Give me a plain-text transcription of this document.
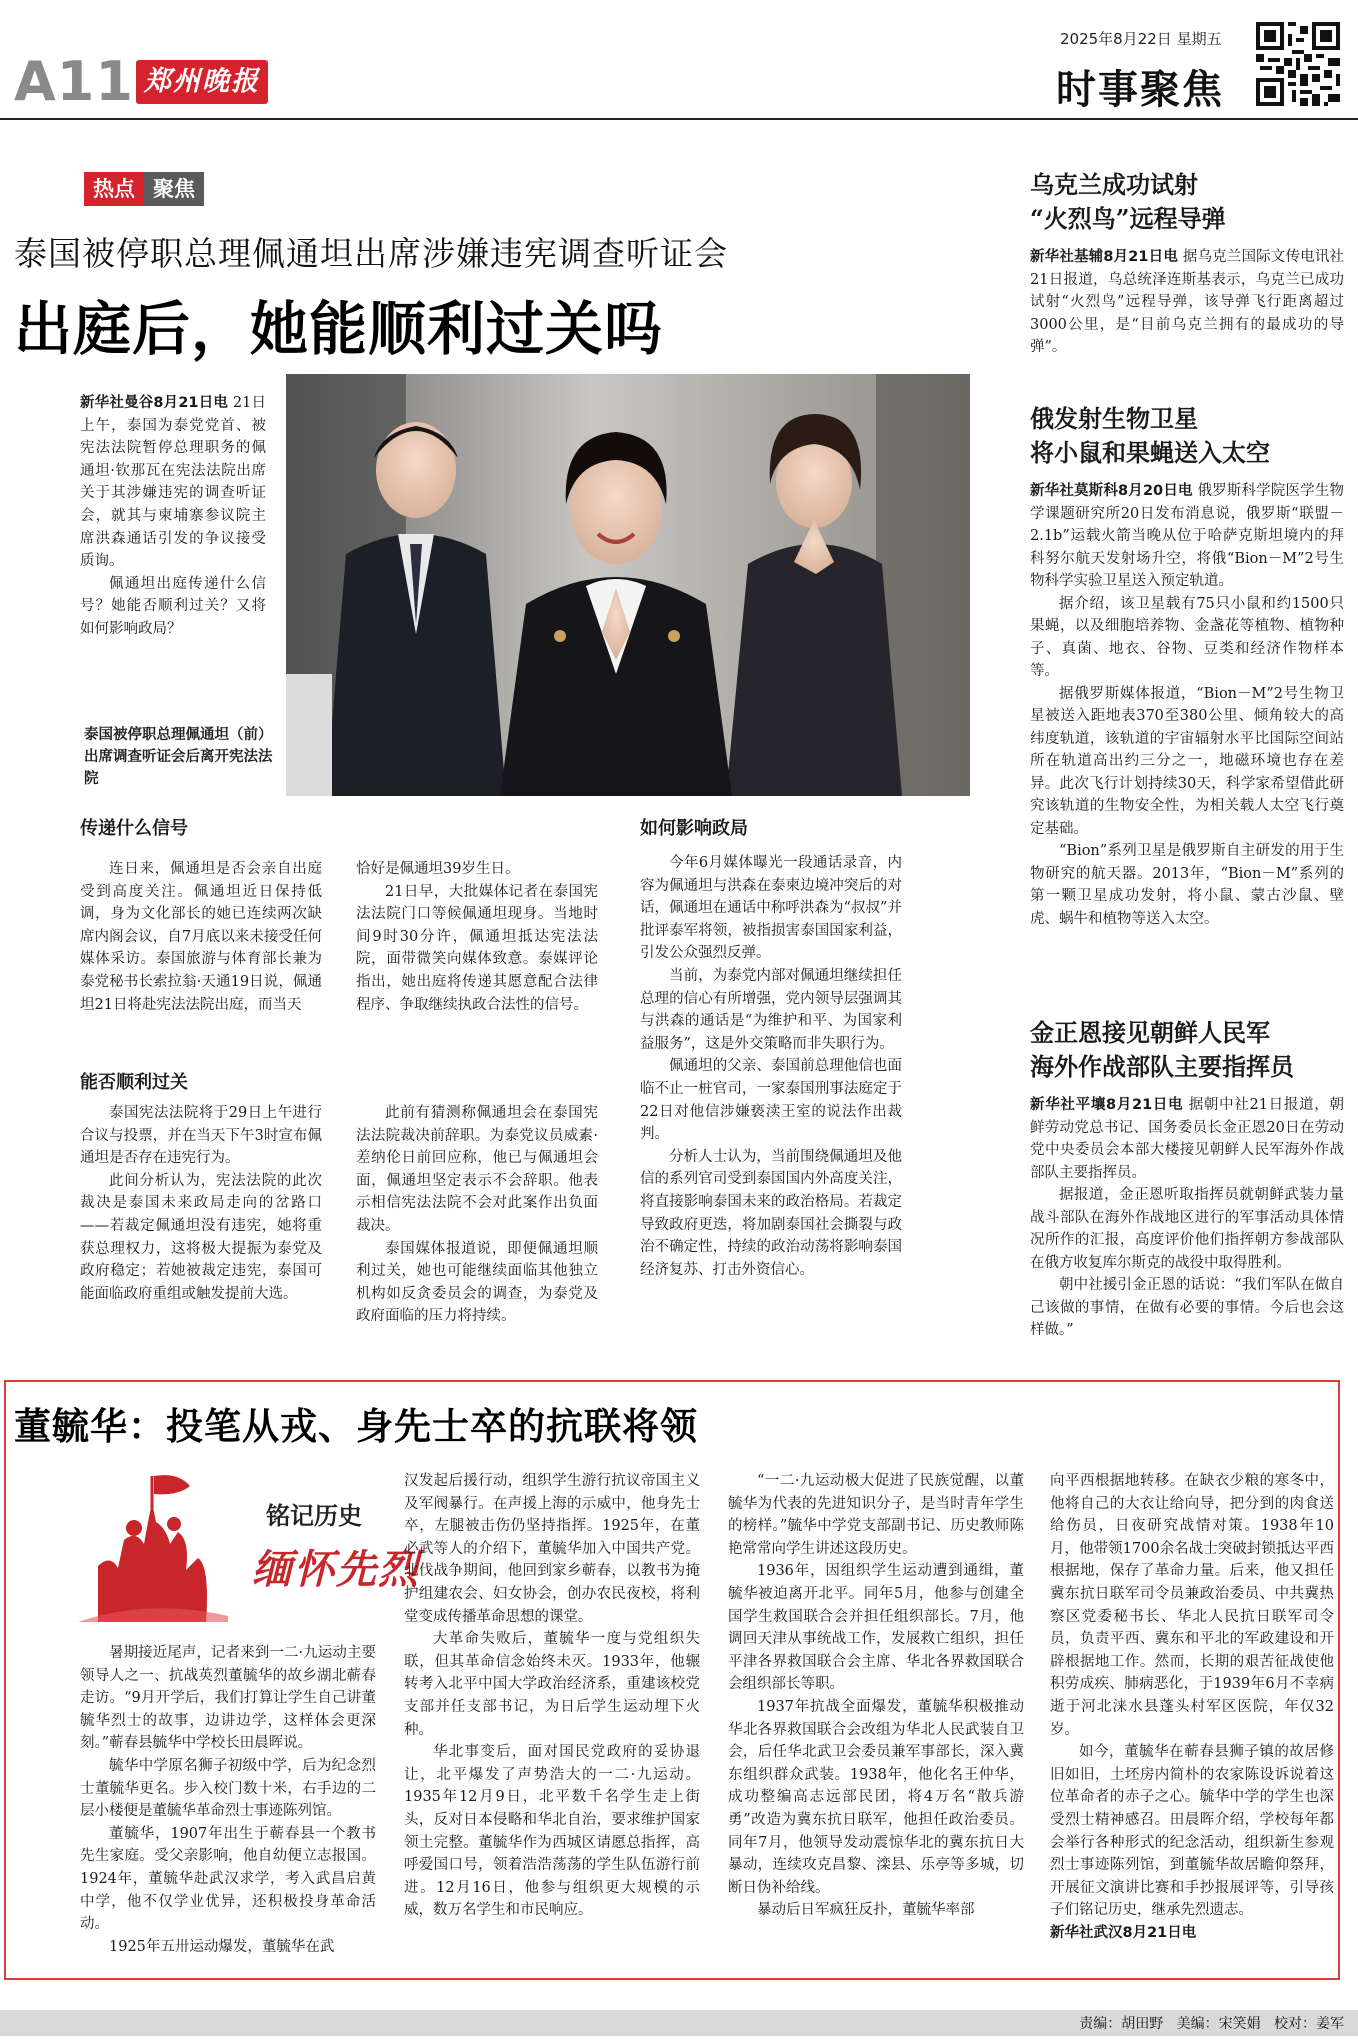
A11 郑州晚报
2025年8月22日 星期五
时事聚焦
热点 聚焦
泰国被停职总理佩通坦出席涉嫌违宪调查听证会
出庭后，她能顺利过关吗

新华社曼谷8月21日电 21日上午，泰国为泰党党首、被宪法法院暂停总理职务的佩通坦·钦那瓦在宪法法院出席关于其涉嫌违宪的调查听证会，就其与柬埔寨参议院主席洪森通话引发的争议接受质询。

佩通坦出庭传递什么信号？她能否顺利过关？又将如何影响政局？

泰国被停职总理佩通坦（前）出席调查听证会后离开宪法法院
传递什么信号

连日来，佩通坦是否会亲自出庭受到高度关注。佩通坦近日保持低调，身为文化部长的她已连续两次缺席内阁会议，自7月底以来未接受任何媒体采访。泰国旅游与体育部长兼为泰党秘书长索拉翁·天通19日说，佩通坦21日将赴宪法法院出庭，而当天

恰好是佩通坦39岁生日。

21日早，大批媒体记者在泰国宪法法院门口等候佩通坦现身。当地时间9时30分许，佩通坦抵达宪法法院，面带微笑向媒体致意。泰媒评论指出，她出庭将传递其愿意配合法律程序、争取继续执政合法性的信号。

能否顺利过关

泰国宪法法院将于29日上午进行合议与投票，并在当天下午3时宣布佩通坦是否存在违宪行为。

此间分析认为，宪法法院的此次裁决是泰国未来政局走向的岔路口——若裁定佩通坦没有违宪，她将重获总理权力，这将极大提振为泰党及政府稳定；若她被裁定违宪，泰国可能面临政府重组或触发提前大选。

此前有猜测称佩通坦会在泰国宪法法院裁决前辞职。为泰党议员威素·差纳伦日前回应称，他已与佩通坦会面，佩通坦坚定表示不会辞职。他表示相信宪法法院不会对此案作出负面裁决。

泰国媒体报道说，即便佩通坦顺利过关，她也可能继续面临其他独立机构如反贪委员会的调查，为泰党及政府面临的压力将持续。

如何影响政局

今年6月媒体曝光一段通话录音，内容为佩通坦与洪森在泰柬边境冲突后的对话，佩通坦在通话中称呼洪森为“叔叔”并批评泰军将领，被指损害泰国国家利益，引发公众强烈反弹。

当前，为泰党内部对佩通坦继续担任总理的信心有所增强，党内领导层强调其与洪森的通话是“为维护和平、为国家利益服务”，这是外交策略而非失职行为。

佩通坦的父亲、泰国前总理他信也面临不止一桩官司，一家泰国刑事法庭定于22日对他信涉嫌亵渎王室的说法作出裁判。

分析人士认为，当前围绕佩通坦及他信的系列官司受到泰国国内外高度关注，将直接影响泰国未来的政治格局。若裁定导致政府更迭，将加剧泰国社会撕裂与政治不确定性，持续的政治动荡将影响泰国经济复苏、打击外资信心。

乌克兰成功试射
“火烈鸟”远程导弹

新华社基辅8月21日电 据乌克兰国际文传电讯社21日报道，乌总统泽连斯基表示，乌克兰已成功试射“火烈鸟”远程导弹，该导弹飞行距离超过3000公里，是“目前乌克兰拥有的最成功的导弹”。

俄发射生物卫星
将小鼠和果蝇送入太空

新华社莫斯科8月20日电 俄罗斯科学院医学生物学课题研究所20日发布消息说，俄罗斯“联盟－2.1b”运载火箭当晚从位于哈萨克斯坦境内的拜科努尔航天发射场升空，将俄“Bion－M”2号生物科学实验卫星送入预定轨道。

据介绍，该卫星载有75只小鼠和约1500只果蝇，以及细胞培养物、金盏花等植物、植物种子、真菌、地衣、谷物、豆类和经济作物样本等。

据俄罗斯媒体报道，“Bion－M”2号生物卫星被送入距地表370至380公里、倾角较大的高纬度轨道，该轨道的宇宙辐射水平比国际空间站所在轨道高出约三分之一，地磁环境也存在差异。此次飞行计划持续30天，科学家希望借此研究该轨道的生物安全性，为相关载人太空飞行奠定基础。

“Bion”系列卫星是俄罗斯自主研发的用于生物研究的航天器。2013年，“Bion－M”系列的第一颗卫星成功发射，将小鼠、蒙古沙鼠、壁虎、蜗牛和植物等送入太空。

金正恩接见朝鲜人民军
海外作战部队主要指挥员

新华社平壤8月21日电 据朝中社21日报道，朝鲜劳动党总书记、国务委员长金正恩20日在劳动党中央委员会本部大楼接见朝鲜人民军海外作战部队主要指挥员。

据报道，金正恩听取指挥员就朝鲜武装力量战斗部队在海外作战地区进行的军事活动具体情况所作的汇报，高度评价他们指挥朝方参战部队在俄方收复库尔斯克的战役中取得胜利。

朝中社援引金正恩的话说：“我们军队在做自己该做的事情，在做有必要的事情。今后也会这样做。”

董毓华：投笔从戎、身先士卒的抗联将领
铭记历史
缅怀先烈

暑期接近尾声，记者来到一二·九运动主要领导人之一、抗战英烈董毓华的故乡湖北蕲春走访。“9月开学后，我们打算让学生自己讲董毓华烈士的故事，边讲边学，这样体会更深刻。”蕲春县毓华中学校长田晨晖说。

毓华中学原名狮子初级中学，后为纪念烈士董毓华更名。步入校门数十米，右手边的二层小楼便是董毓华革命烈士事迹陈列馆。

董毓华，1907年出生于蕲春县一个教书先生家庭。受父亲影响，他自幼便立志报国。1924年，董毓华赴武汉求学，考入武昌启黄中学，他不仅学业优异，还积极投身革命活动。

1925年五卅运动爆发，董毓华在武

汉发起后援行动，组织学生游行抗议帝国主义及军阀暴行。在声援上海的示威中，他身先士卒，左腿被击伤仍坚持指挥。1925年，在董必武等人的介绍下，董毓华加入中国共产党。北伐战争期间，他回到家乡蕲春，以教书为掩护组建农会、妇女协会，创办农民夜校，将利堂变成传播革命思想的课堂。

大革命失败后，董毓华一度与党组织失联，但其革命信念始终未灭。1933年，他辗转考入北平中国大学政治经济系，重建该校党支部并任支部书记，为日后学生运动埋下火种。

华北事变后，面对国民党政府的妥协退让，北平爆发了声势浩大的一二·九运动。1935年12月9日，北平数千名学生走上街头，反对日本侵略和华北自治，要求维护国家领土完整。董毓华作为西城区请愿总指挥，高呼爱国口号，领着浩浩荡荡的学生队伍游行前进。12月16日，他参与组织更大规模的示威，数万名学生和市民响应。

“一二·九运动极大促进了民族觉醒，以董毓华为代表的先进知识分子，是当时青年学生的榜样。”毓华中学党支部副书记、历史教师陈艳常常向学生讲述这段历史。

1936年，因组织学生运动遭到通缉，董毓华被迫离开北平。同年5月，他参与创建全国学生救国联合会并担任组织部长。7月，他调回天津从事统战工作，发展救亡组织，担任平津各界救国联合会主席、华北各界救国联合会组织部长等职。

1937年抗战全面爆发，董毓华积极推动华北各界救国联合会改组为华北人民武装自卫会，后任华北武卫会委员兼军事部长，深入冀东组织群众武装。1938年，他化名王仲华，成功整编高志远部民团，将4万名“散兵游勇”改造为冀东抗日联军，他担任政治委员。同年7月，他领导发动震惊华北的冀东抗日大暴动，连续攻克昌黎、滦县、乐亭等多城，切断日伪补给线。

暴动后日军疯狂反扑，董毓华率部

向平西根据地转移。在缺衣少粮的寒冬中，他将自己的大衣让给向导，把分到的肉食送给伤员，日夜研究战情对策。1938年10月，他带领1700余名战士突破封锁抵达平西根据地，保存了革命力量。后来，他又担任冀东抗日联军司令员兼政治委员、中共冀热察区党委秘书长、华北人民抗日联军司令员，负责平西、冀东和平北的军政建设和开辟根据地工作。然而，长期的艰苦征战使他积劳成疾、肺病恶化，于1939年6月不幸病逝于河北涞水县蓬头村军区医院，年仅32岁。

如今，董毓华在蕲春县狮子镇的故居修旧如旧，土坯房内简朴的农家陈设诉说着这位革命者的赤子之心。毓华中学的学生也深受烈士精神感召。田晨晖介绍，学校每年都会举行各种形式的纪念活动，组织新生参观烈士事迹陈列馆，到董毓华故居瞻仰祭拜，开展征文演讲比赛和手抄报展评等，引导孩子们铭记历史，继承先烈遗志。

新华社武汉8月21日电

责编：胡田野 美编：宋笑娟 校对：姜军
